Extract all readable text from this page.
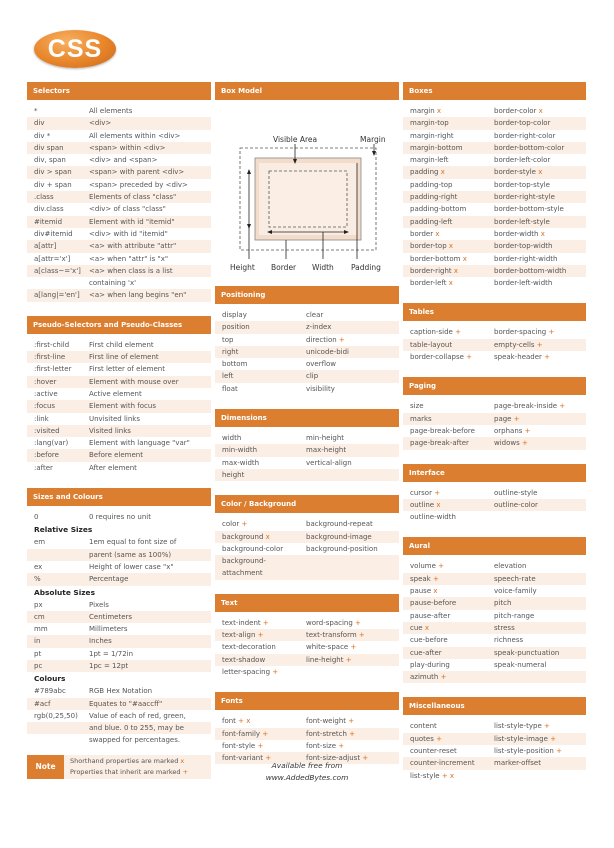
CSS
Selectors
*	All elements
div	<div>
div *	All elements within <div>
div span	<span> within <div>
div, span	<div> and <span>
div > span	<span> with parent <div>
div + span	<span> preceded by <div>
.class	Elements of class "class"
div.class	<div> of class "class"
#itemid	Element with id "itemid"
div#itemid	<div> with id "itemid"
a[attr]	<a> with attribute "attr"
a[attr='x']	<a> when "attr" is "x"
a[class~='x']	<a> when class is a list
containing 'x'
a[lang|='en']	<a> when lang begins "en"
Pseudo-Selectors and Pseudo-Classes
:first-child	First child element
:first-line	First line of element
:first-letter	First letter of element
:hover	Element with mouse over
:active	Active element
:focus	Element with focus
:link	Unvisited links
:visited	Visited links
:lang(var)	Element with language "var"
:before	Before element
:after	After element
Sizes and Colours
0	0 requires no unit
Relative Sizes
em	1em equal to font size of
parent (same as 100%)
ex	Height of lower case "x"
%	Percentage
Absolute Sizes
px	Pixels
cm	Centimeters
mm	Millimeters
in	Inches
pt	1pt = 1/72in
pc	1pc = 12pt
Colours
#789abc	RGB Hex Notation
#acf	Equates to "#aaccff"
rgb(0,25,50)	Value of each of red, green,
and blue. 0 to 255, may be
swapped for percentages.
Note
Shorthand properties are marked x
Properties that inherit are marked +
Box Model
Visible Area	Margin
Height Border Width Padding
Positioning
display	clear
position	z-index
top	direction +
right	unicode-bidi
bottom	overflow
left	clip
float	visibility
Dimensions
width	min-height
min-width	max-height
max-width	vertical-align
height
Color / Background
color +	background-repeat
background x	background-image
background-color	background-position
background-attachment
Text
text-indent +	word-spacing +
text-align +	text-transform +
text-decoration	white-space +
text-shadow	line-height +
letter-spacing +
Fonts
font + x	font-weight +
font-family +	font-stretch +
font-style +	font-size +
font-variant +	font-size-adjust +
Available free from
www.AddedBytes.com
Boxes
margin x	border-color x
margin-top	border-top-color
margin-right	border-right-color
margin-bottom	border-bottom-color
margin-left	border-left-color
padding x	border-style x
padding-top	border-top-style
padding-right	border-right-style
padding-bottom	border-bottom-style
padding-left	border-left-style
border x	border-width x
border-top x	border-top-width
border-bottom x	border-right-width
border-right x	border-bottom-width
border-left x	border-left-width
Tables
caption-side +	border-spacing +
table-layout	empty-cells +
border-collapse +	speak-header +
Paging
size	page-break-inside +
marks	page +
page-break-before	orphans +
page-break-after	widows +
Interface
cursor +	outline-style
outline x	outline-color
outline-width
Aural
volume +	elevation
speak +	speech-rate
pause x	voice-family
pause-before	pitch
pause-after	pitch-range
cue x	stress
cue-before	richness
cue-after	speak-punctuation
play-during	speak-numeral
azimuth +
Miscellaneous
content	list-style-type +
quotes +	list-style-image +
counter-reset	list-style-position +
counter-increment	marker-offset
list-style + x
